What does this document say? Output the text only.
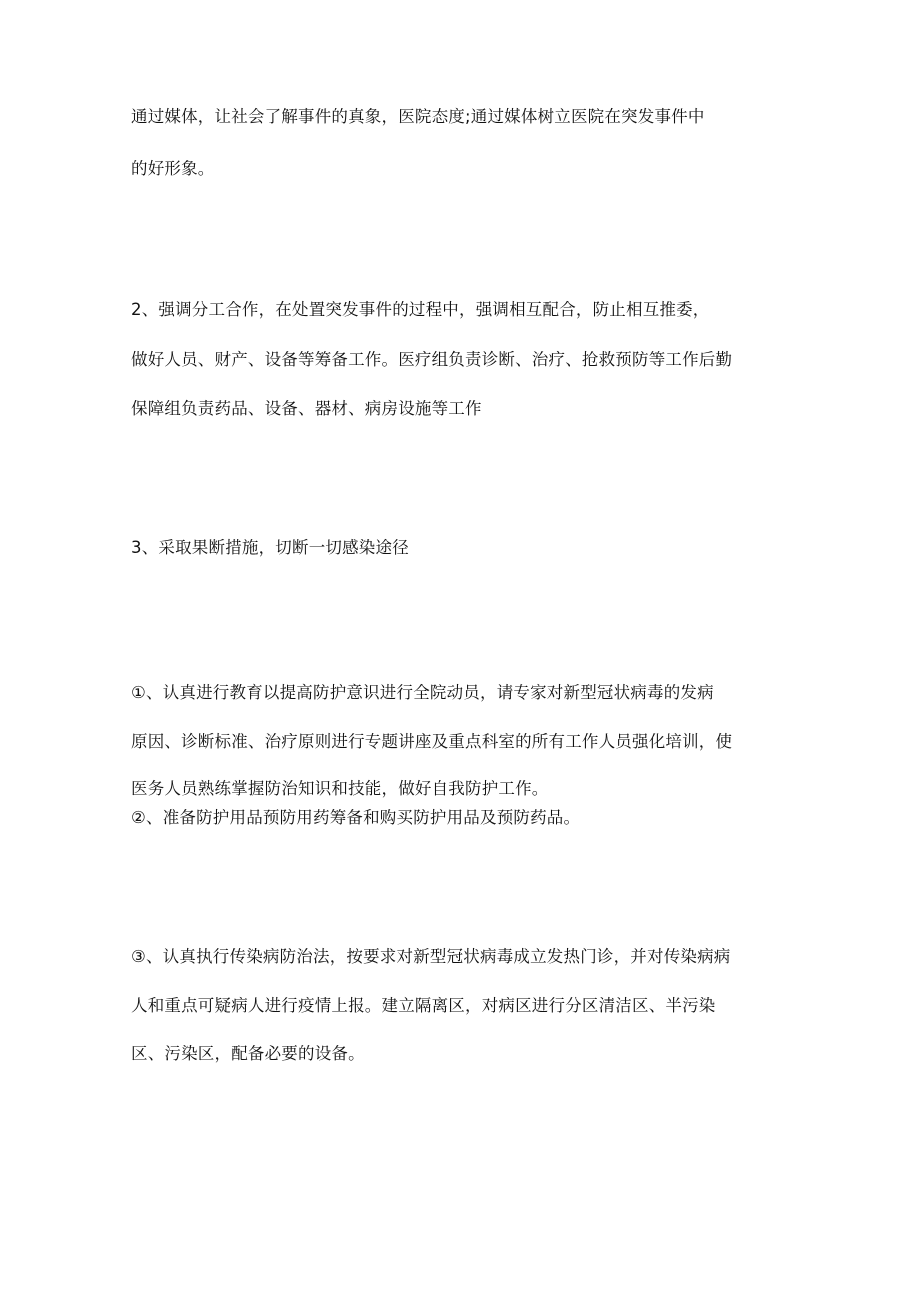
通过媒体，让社会了解事件的真象，医院态度;通过媒体树立医院在突发事件中
的好形象。
2、强调分工合作，在处置突发事件的过程中，强调相互配合，防止相互推委，
做好人员、财产、设备等筹备工作。医疗组负责诊断、治疗、抢救预防等工作后勤
保障组负责药品、设备、器材、病房设施等工作
3、采取果断措施，切断一切感染途径
①、认真进行教育以提高防护意识进行全院动员，请专家对新型冠状病毒的发病
原因、诊断标准、治疗原则进行专题讲座及重点科室的所有工作人员强化培训，使
医务人员熟练掌握防治知识和技能，做好自我防护工作。
②、准备防护用品预防用药筹备和购买防护用品及预防药品。
③、认真执行传染病防治法，按要求对新型冠状病毒成立发热门诊，并对传染病病
人和重点可疑病人进行疫情上报。建立隔离区，对病区进行分区清洁区、半污染
区、污染区，配备必要的设备。
